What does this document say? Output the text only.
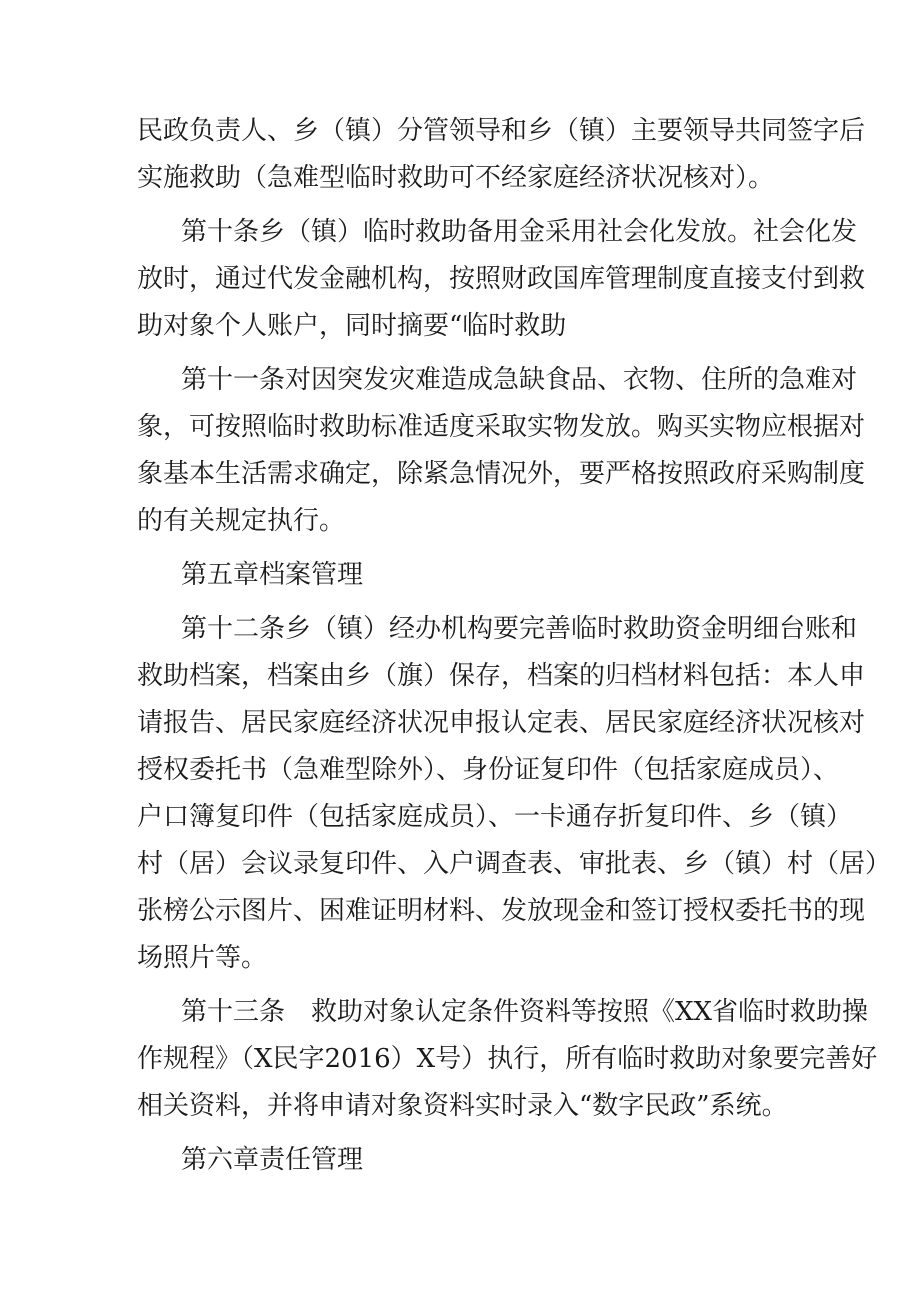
民政负责人、乡（镇）分管领导和乡（镇）主要领导共同签字后
实施救助（急难型临时救助可不经家庭经济状况核对）。
第十条乡（镇）临时救助备用金采用社会化发放。社会化发
放时，通过代发金融机构，按照财政国库管理制度直接支付到救
助对象个人账户，同时摘要“临时救助
第十一条对因突发灾难造成急缺食品、衣物、住所的急难对
象，可按照临时救助标准适度采取实物发放。购买实物应根据对
象基本生活需求确定，除紧急情况外，要严格按照政府采购制度
的有关规定执行。
第五章档案管理
第十二条乡（镇）经办机构要完善临时救助资金明细台账和
救助档案，档案由乡（旗）保存，档案的归档材料包括：本人申
请报告、居民家庭经济状况申报认定表、居民家庭经济状况核对
授权委托书（急难型除外）、身份证复印件（包括家庭成员）、
户口簿复印件（包括家庭成员）、一卡通存折复印件、乡（镇）
村（居）会议录复印件、入户调查表、审批表、乡（镇）村（居）
张榜公示图片、困难证明材料、发放现金和签订授权委托书的现
场照片等。
第十三条　救助对象认定条件资料等按照《XX省临时救助操
作规程》（X民字2016）X号）执行，所有临时救助对象要完善好
相关资料，并将申请对象资料实时录入“数字民政”系统。
第六章责任管理
